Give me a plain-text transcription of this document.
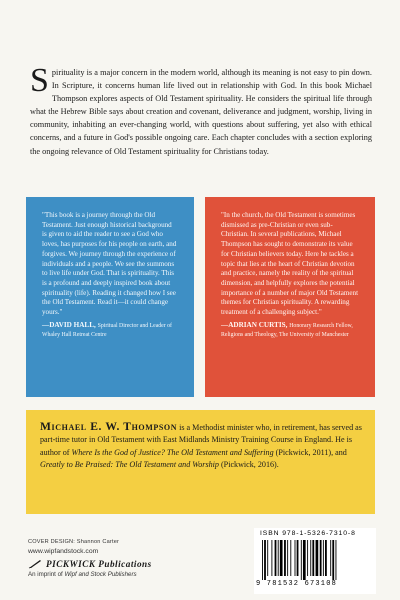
S pirituality is a major concern in the modern world, although its meaning is not easy to pin down. In Scripture, it concerns human life lived out in relationship with God. In this book Michael Thompson explores aspects of Old Testament spirituality. He considers the spiritual life through what the Hebrew Bible says about creation and covenant, deliverance and judgment, worship, living in community, inhabiting an ever-changing world, with questions about suffering, yet also with ethical concerns, and a future in God's possible ongoing care. Each chapter concludes with a section exploring the ongoing relevance of Old Testament spirituality for Christians today.
"This book is a journey through the Old Testament. Just enough historical background is given to aid the reader to see a God who loves, has purposes for his people on earth, and forgives. We journey through the experience of individuals and a people. We see the summons to live life under God. That is spirituality. This is a profound and deeply inspired book about spirituality (life). Reading it changed how I see the Old Testament. Read it—it could change yours."
—DAVID HALL, Spiritual Director and Leader of Whaley Hall Retreat Centre
"In the church, the Old Testament is sometimes dismissed as pre-Christian or even sub-Christian. In several publications, Michael Thompson has sought to demonstrate its value for Christian believers today. Here he tackles a topic that lies at the heart of Christian devotion and practice, namely the reality of the spiritual dimension, and helpfully explores the potential importance of a number of major Old Testament themes for Christian spirituality. A rewarding treatment of a challenging subject."
—ADRIAN CURTIS, Honorary Research Fellow, Religions and Theology, The University of Manchester
Michael E. W. Thompson is a Methodist minister who, in retirement, has served as part-time tutor in Old Testament with East Midlands Ministry Training Course in England. He is author of Where Is the God of Justice? The Old Testament and Suffering (Pickwick, 2011), and Greatly to Be Praised: The Old Testament and Worship (Pickwick, 2016).
COVER DESIGN: Shannon Carter
www.wipfandstock.com
PICKWICK Publications
An imprint of Wipf and Stock Publishers
ISBN 978-1-5326-7310-8
9 781532 673108
